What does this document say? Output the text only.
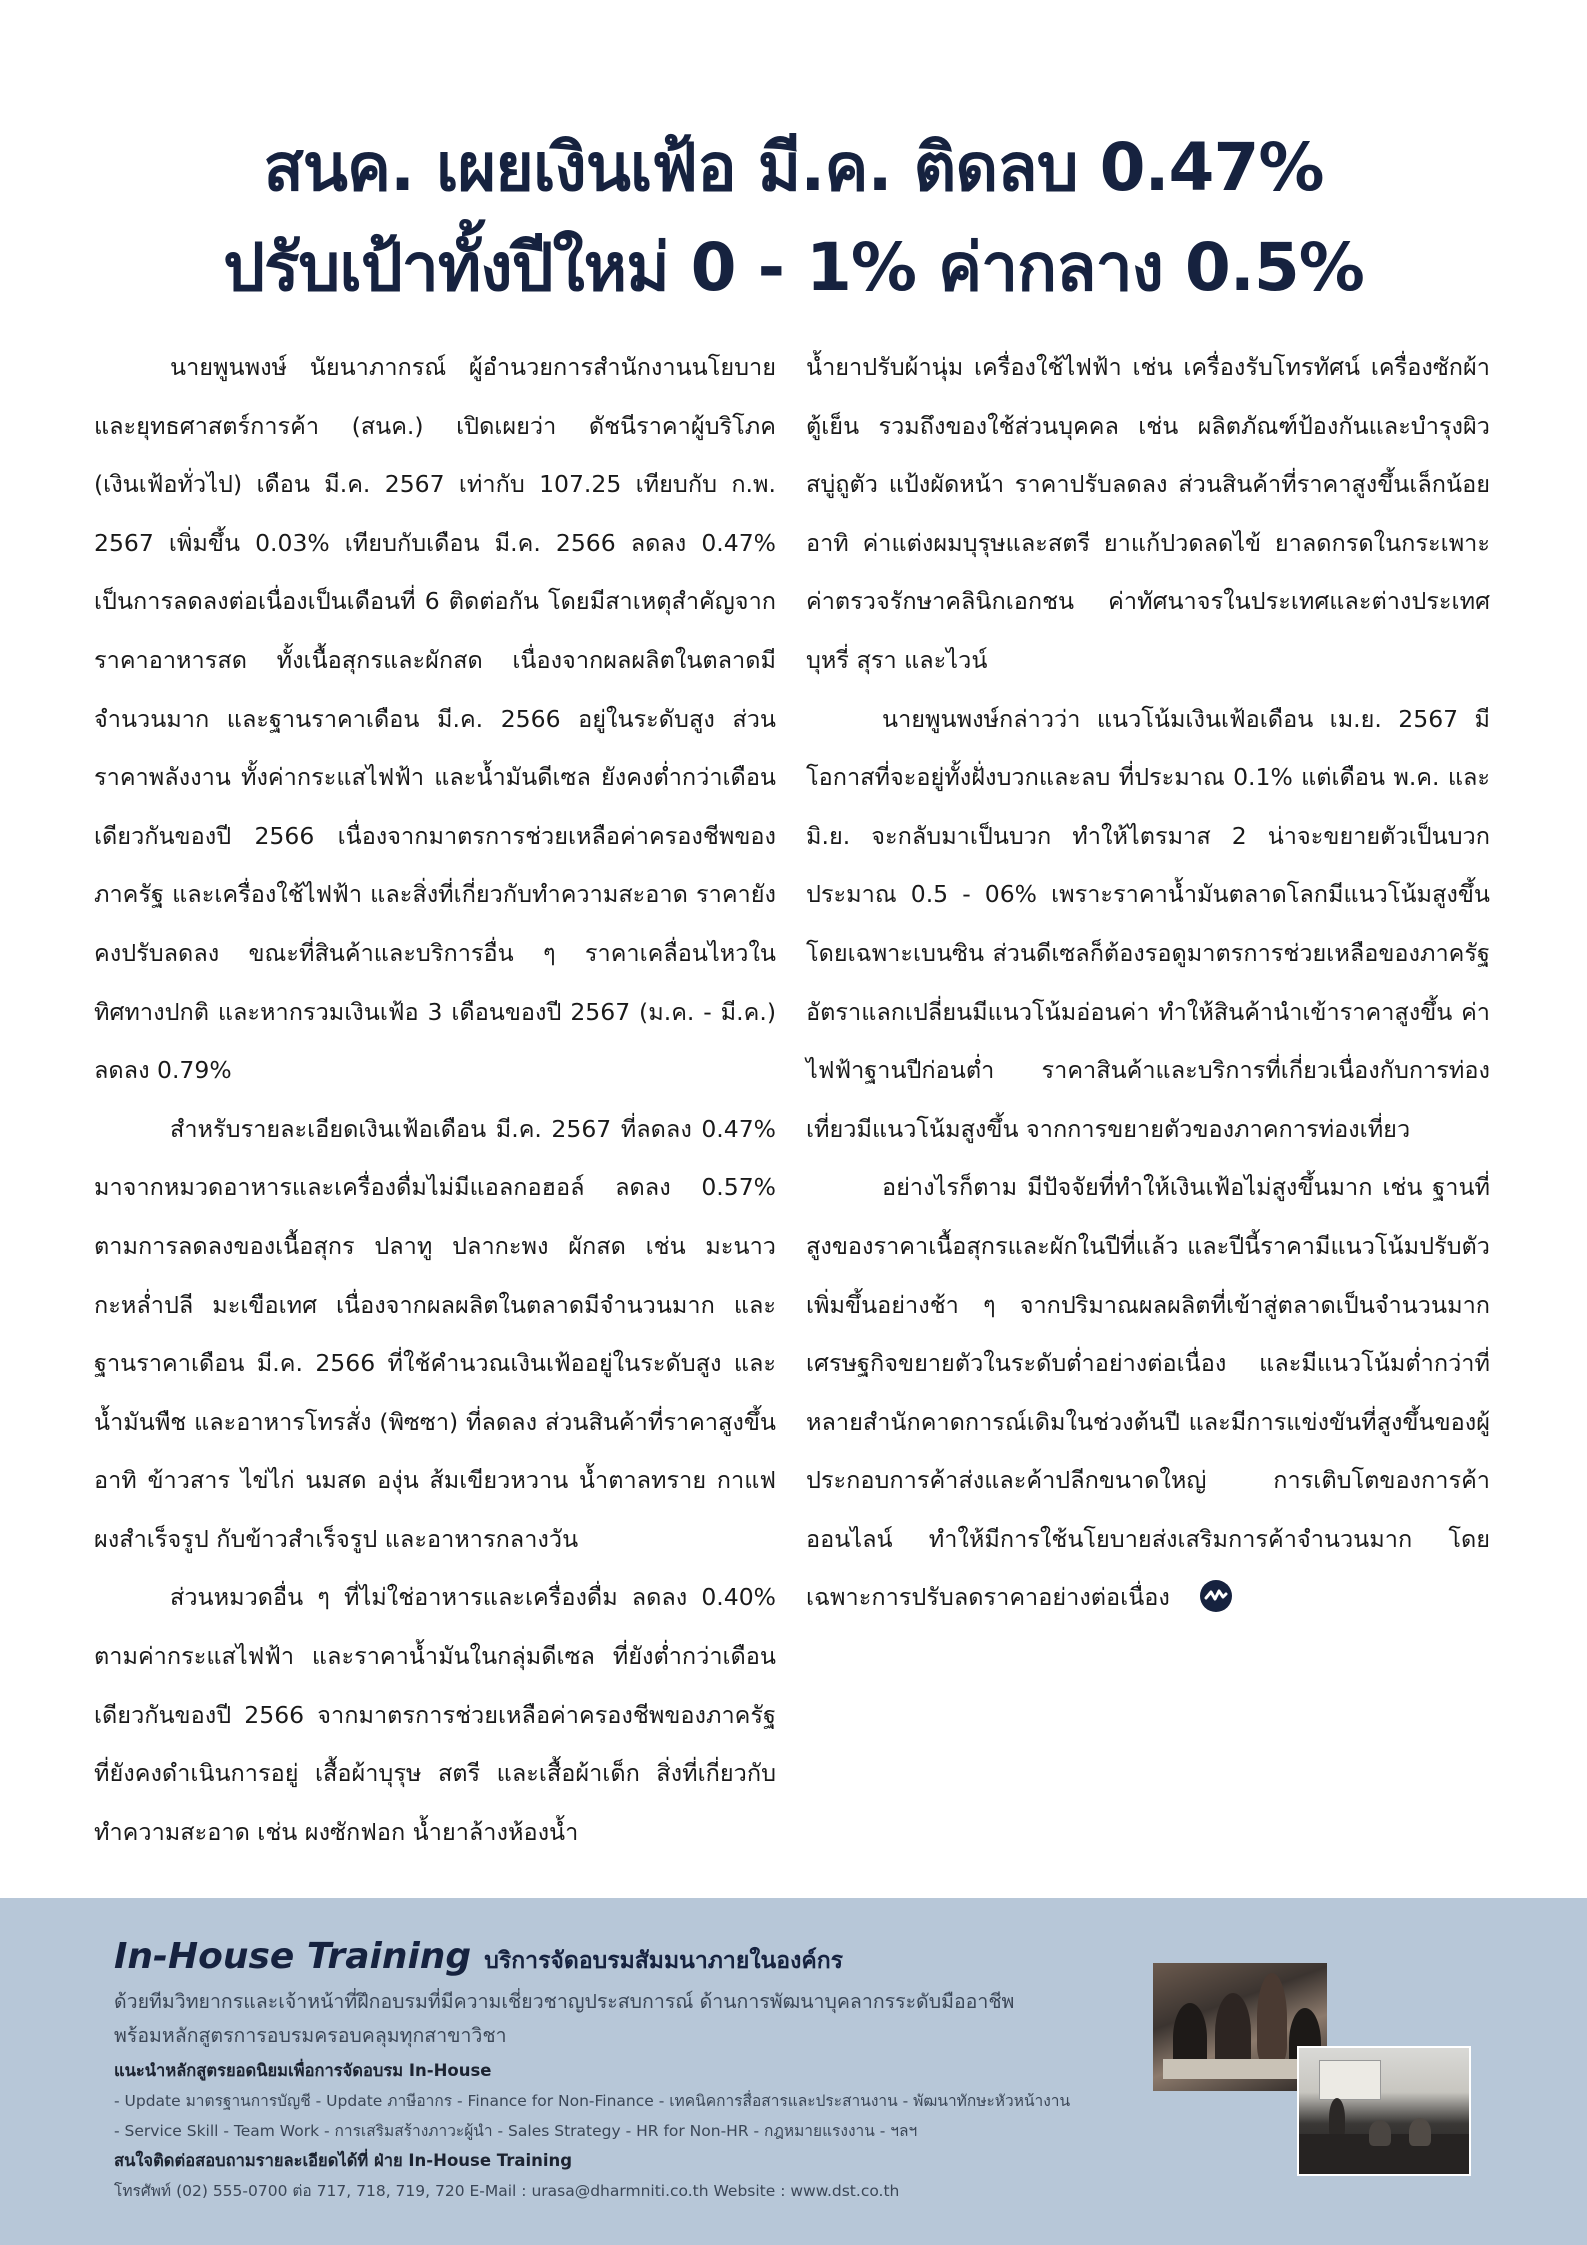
สนค. เผยเงินเฟ้อ มี.ค. ติดลบ 0.47%
ปรับเป้าทั้งปีใหม่ 0 - 1% ค่ากลาง 0.5%

นายพูนพงษ์ นัยนาภากรณ์ ผู้อำนวยการสำนักงานนโยบายและยุทธศาสตร์การค้า (สนค.) เปิดเผยว่า ดัชนีราคาผู้บริโภค (เงินเฟ้อทั่วไป) เดือน มี.ค. 2567 เท่ากับ 107.25 เทียบกับ ก.พ. 2567 เพิ่มขึ้น 0.03% เทียบกับเดือน มี.ค. 2566 ลดลง 0.47% เป็นการลดลงต่อเนื่องเป็นเดือนที่ 6 ติดต่อกัน โดยมีสาเหตุสำคัญจากราคาอาหารสด ทั้งเนื้อสุกรและผักสด เนื่องจากผลผลิตในตลาดมีจำนวนมาก และฐานราคาเดือน มี.ค. 2566 อยู่ในระดับสูง ส่วนราคาพลังงาน ทั้งค่ากระแสไฟฟ้า และน้ำมันดีเซล ยังคงต่ำกว่าเดือนเดียวกันของปี 2566 เนื่องจากมาตรการช่วยเหลือค่าครองชีพของภาครัฐ และเครื่องใช้ไฟฟ้า และสิ่งที่เกี่ยวกับทำความสะอาด ราคายังคงปรับลดลง ขณะที่สินค้าและบริการอื่น ๆ ราคาเคลื่อนไหวในทิศทางปกติ และหากรวมเงินเฟ้อ 3 เดือนของปี 2567 (ม.ค. - มี.ค.) ลดลง 0.79%

สำหรับรายละเอียดเงินเฟ้อเดือน มี.ค. 2567 ที่ลดลง 0.47% มาจากหมวดอาหารและเครื่องดื่มไม่มีแอลกอฮอล์ ลดลง 0.57% ตามการลดลงของเนื้อสุกร ปลาทู ปลากะพง ผักสด เช่น มะนาว กะหล่ำปลี มะเขือเทศ เนื่องจากผลผลิตในตลาดมีจำนวนมาก และฐานราคาเดือน มี.ค. 2566 ที่ใช้คำนวณเงินเฟ้ออยู่ในระดับสูง และน้ำมันพืช และอาหารโทรสั่ง (พิซซา) ที่ลดลง ส่วนสินค้าที่ราคาสูงขึ้น อาทิ ข้าวสาร ไข่ไก่ นมสด องุ่น ส้มเขียวหวาน น้ำตาลทราย กาแฟผงสำเร็จรูป กับข้าวสำเร็จรูป และอาหารกลางวัน

ส่วนหมวดอื่น ๆ ที่ไม่ใช่อาหารและเครื่องดื่ม ลดลง 0.40% ตามค่ากระแสไฟฟ้า และราคาน้ำมันในกลุ่มดีเซล ที่ยังต่ำกว่าเดือนเดียวกันของปี 2566 จากมาตรการช่วยเหลือค่าครองชีพของภาครัฐที่ยังคงดำเนินการอยู่ เสื้อผ้าบุรุษ สตรี และเสื้อผ้าเด็ก สิ่งที่เกี่ยวกับทำความสะอาด เช่น ผงซักฟอก น้ำยาล้างห้องน้ำ

น้ำยาปรับผ้านุ่ม เครื่องใช้ไฟฟ้า เช่น เครื่องรับโทรทัศน์ เครื่องซักผ้า ตู้เย็น รวมถึงของใช้ส่วนบุคคล เช่น ผลิตภัณฑ์ป้องกันและบำรุงผิว สบู่ถูตัว แป้งผัดหน้า ราคาปรับลดลง ส่วนสินค้าที่ราคาสูงขึ้นเล็กน้อย อาทิ ค่าแต่งผมบุรุษและสตรี ยาแก้ปวดลดไข้ ยาลดกรดในกระเพาะ ค่าตรวจรักษาคลินิกเอกชน ค่าทัศนาจรในประเทศและต่างประเทศ บุหรี่ สุรา และไวน์

นายพูนพงษ์กล่าวว่า แนวโน้มเงินเฟ้อเดือน เม.ย. 2567 มีโอกาสที่จะอยู่ทั้งฝั่งบวกและลบ ที่ประมาณ 0.1% แต่เดือน พ.ค. และ มิ.ย. จะกลับมาเป็นบวก ทำให้ไตรมาส 2 น่าจะขยายตัวเป็นบวกประมาณ 0.5 - 06% เพราะราคาน้ำมันตลาดโลกมีแนวโน้มสูงขึ้น โดยเฉพาะเบนซิน ส่วนดีเซลก็ต้องรอดูมาตรการช่วยเหลือของภาครัฐ อัตราแลกเปลี่ยนมีแนวโน้มอ่อนค่า ทำให้สินค้านำเข้าราคาสูงขึ้น ค่าไฟฟ้าฐานปีก่อนต่ำ ราคาสินค้าและบริการที่เกี่ยวเนื่องกับการท่องเที่ยวมีแนวโน้มสูงขึ้น จากการขยายตัวของภาคการท่องเที่ยว

อย่างไรก็ตาม มีปัจจัยที่ทำให้เงินเฟ้อไม่สูงขึ้นมาก เช่น ฐานที่สูงของราคาเนื้อสุกรและผักในปีที่แล้ว และปีนี้ราคามีแนวโน้มปรับตัวเพิ่มขึ้นอย่างช้า ๆ จากปริมาณผลผลิตที่เข้าสู่ตลาดเป็นจำนวนมาก เศรษฐกิจขยายตัวในระดับต่ำอย่างต่อเนื่อง และมีแนวโน้มต่ำกว่าที่หลายสำนักคาดการณ์เดิมในช่วงต้นปี และมีการแข่งขันที่สูงขึ้นของผู้ประกอบการค้าส่งและค้าปลีกขนาดใหญ่ การเติบโตของการค้าออนไลน์ ทำให้มีการใช้นโยบายส่งเสริมการค้าจำนวนมาก โดยเฉพาะการปรับลดราคาอย่างต่อเนื่อง

In-House Training บริการจัดอบรมสัมมนาภายในองค์กร
ด้วยทีมวิทยากรและเจ้าหน้าที่ฝึกอบรมที่มีความเชี่ยวชาญประสบการณ์ ด้านการพัฒนาบุคลากรระดับมืออาชีพ
พร้อมหลักสูตรการอบรมครอบคลุมทุกสาขาวิชา
แนะนำหลักสูตรยอดนิยมเพื่อการจัดอบรม In-House
- Update มาตรฐานการบัญชี - Update ภาษีอากร - Finance for Non-Finance - เทคนิคการสื่อสารและประสานงาน - พัฒนาทักษะหัวหน้างาน
- Service Skill - Team Work - การเสริมสร้างภาวะผู้นำ - Sales Strategy - HR for Non-HR - กฎหมายแรงงาน - ฯลฯ
สนใจติดต่อสอบถามรายละเอียดได้ที่ ฝ่าย In-House Training
โทรศัพท์ (02) 555-0700 ต่อ 717, 718, 719, 720 E-Mail : urasa@dharmniti.co.th Website : www.dst.co.th
